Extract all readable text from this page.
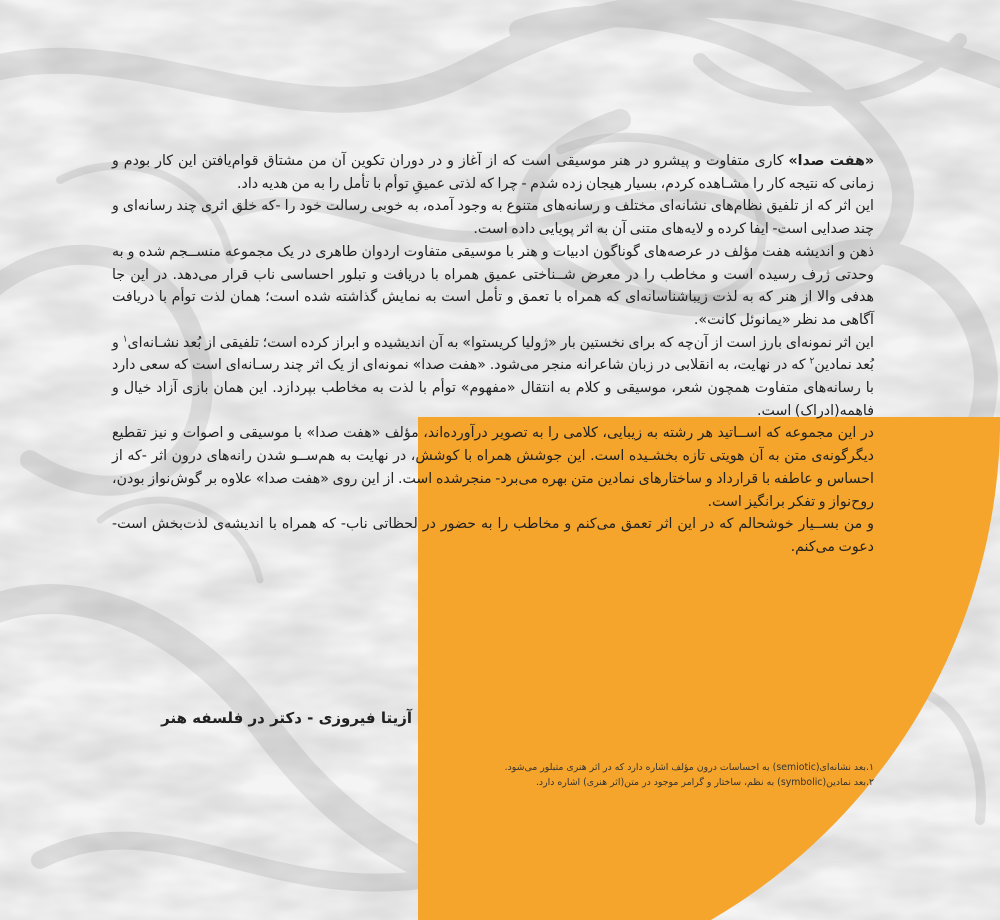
«هفت صدا» کاری متفاوت و پیشرو در هنر موسیقی است که از آغاز و در دوران تکوین آن من مشتاق قوام‌یافتن این کار بودم و زمانی که نتیجه کار را مشـاهده کردم، بسیار هیجان زده شدم - چرا که لذتی عمیقِ توأم با تأمل را به من هدیه داد.

این اثر که از تلفیق نظام‌های نشانه‌ای مختلف و رسانه‌های متنوع به وجود آمده، به خوبی رسالت خود را -که خلق اثری چند رسانه‌ای و چند صدایی است- ایفا کرده و لایه‌های متنی آن به اثر پویایی داده است.

ذهن و اندیشه هفت مؤلف در عرصه‌های گوناگون ادبیات و هنر با موسیقی متفاوت اردوان طاهری در یک مجموعه منســجم شده و به وحدتی ژرف رسیده است و مخاطب را در معرض شــناختی عمیق همراه با دریافت و تبلور احساسی ناب قرار می‌دهد. در این جا هدفی والا از هنر که به لذت زیباشناسانه‌ای که همراه با تعمق و تأمل است به نمایش گذاشته شده است؛ همان لذت توأم با دریافت آگاهی مد نظر «یمانوئل کانت».

این اثر نمونه‌ای بارز است از آن‌چه که برای نخستین بار «ژولیا کریستوا» به آن اندیشیده و ابراز کرده است؛ تلفیقی از بُعد نشـانه‌ای$^۱$ و بُعد نمادین$^۲$ که در نهایت، به انقلابی در زبان شاعرانه منجر می‌شود. «هفت صدا» نمونه‌ای از یک اثر چند رسـانه‌ای است که سعی دارد با رسانه‌های متفاوت همچون شعر، موسیقی و کلام به انتقال «مفهوم» توأم با لذت به مخاطب بپردازد. این همان بازی آزاد خیال و فاهمه(ادراک) است.

در این مجموعه که اســاتید هر رشته به زیبایی، کلامی را به تصویر درآورده‌اند، مؤلف «هفت صدا» با موسیقی و اصوات و نیز تقطیع دیگرگونه‌ی متن به آن هویتی تازه بخشـیده است. این جوشش همراه با کوشش، در نهایت به هم‌ســو شدن رانه‌های درون اثر -که از احساس و عاطفه با قرارداد و ساختارهای نمادین متن بهره می‌برد- منجرشده است. از این روی «هفت صدا» علاوه بر گوش‌نواز بودن، روح‌نواز و تفکر برانگیز است.

و من بســیار خوشحالم که در این اثر تعمق می‌کنم و مخاطب را به حضور در لحظاتی ناب- که همراه با اندیشه‌ی لذت‌بخش است- دعوت می‌کنم.

آزیتا فیروزی - دکتر در فلسفه هنر
۱.بعد نشانه‌ای(semiotic) به احساسات درون مؤلف اشاره دارد که در اثر هنری متبلور می‌شود.
۲.بعد نمادین(symbolic) به نظم، ساختار و گرامر موجود در متن(اثر هنری) اشاره دارد.
